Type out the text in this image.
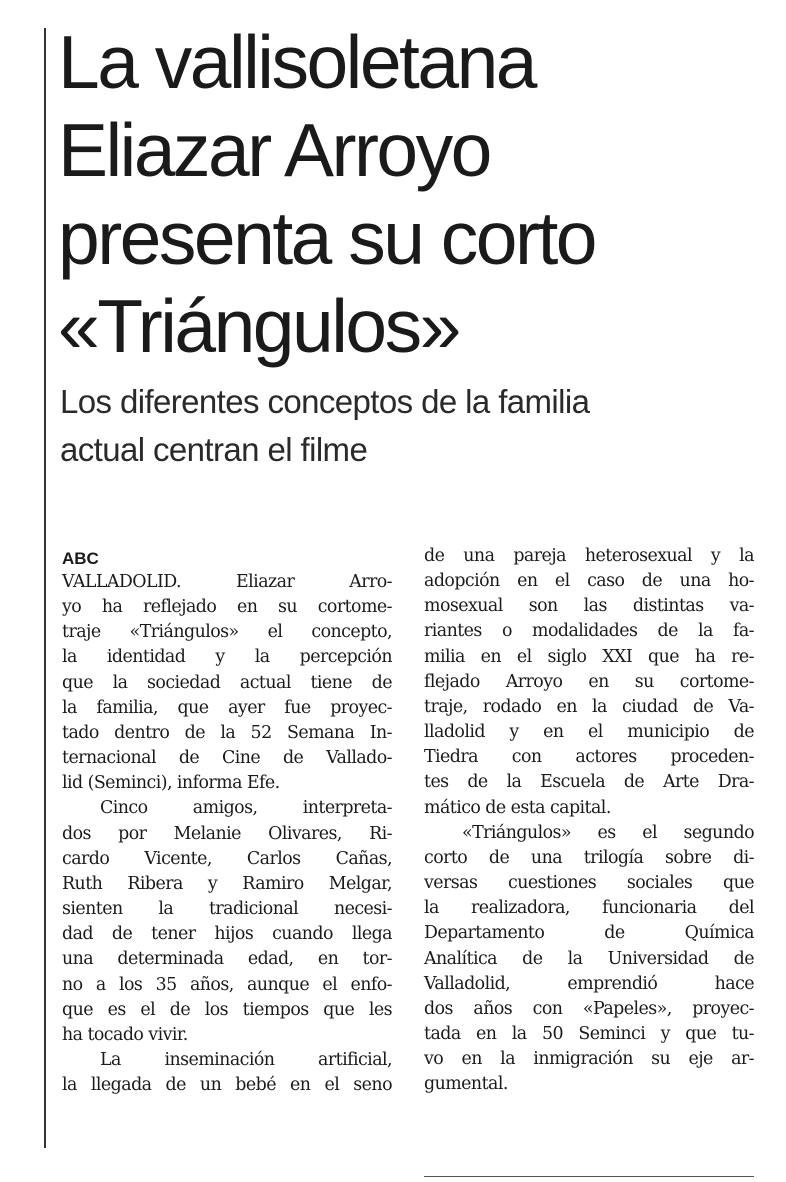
La vallisoletana
Eliazar Arroyo
presenta su corto
«Triángulos»
Los diferentes conceptos de la familia
actual centran el filme
ABC
VALLADOLID. Eliazar Arro-
yo ha reflejado en su cortome-
traje «Triángulos» el concepto,
la identidad y la percepción
que la sociedad actual tiene de
la familia, que ayer fue proyec-
tado dentro de la 52 Semana In-
ternacional de Cine de Vallado-
lid (Seminci), informa Efe.
Cinco amigos, interpreta-
dos por Melanie Olivares, Ri-
cardo Vicente, Carlos Cañas,
Ruth Ribera y Ramiro Melgar,
sienten la tradicional necesi-
dad de tener hijos cuando llega
una determinada edad, en tor-
no a los 35 años, aunque el enfo-
que es el de los tiempos que les
ha tocado vivir.
La inseminación artificial,
la llegada de un bebé en el seno
de una pareja heterosexual y la
adopción en el caso de una ho-
mosexual son las distintas va-
riantes o modalidades de la fa-
milia en el siglo XXI que ha re-
flejado Arroyo en su cortome-
traje, rodado en la ciudad de Va-
lladolid y en el municipio de
Tiedra con actores proceden-
tes de la Escuela de Arte Dra-
mático de esta capital.
«Triángulos» es el segundo
corto de una trilogía sobre di-
versas cuestiones sociales que
la realizadora, funcionaria del
Departamento de Química
Analítica de la Universidad de
Valladolid, emprendió hace
dos años con «Papeles», proyec-
tada en la 50 Seminci y que tu-
vo en la inmigración su eje ar-
gumental.
